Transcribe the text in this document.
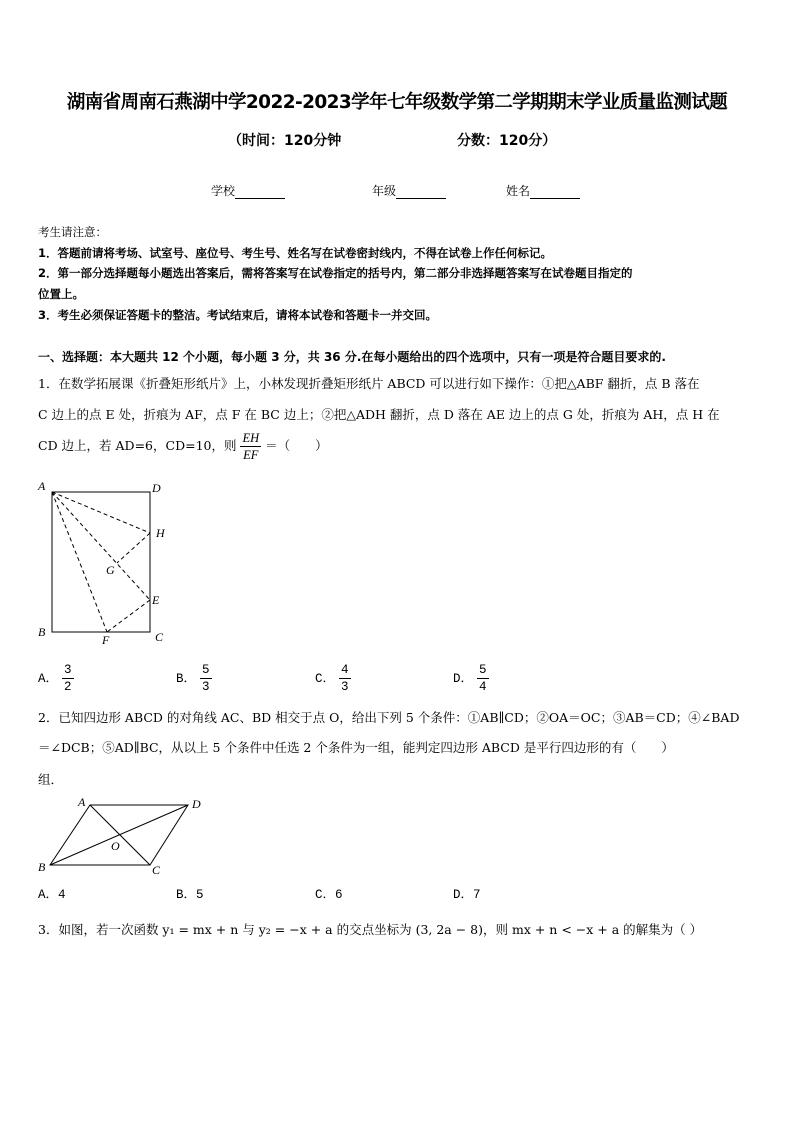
湖南省周南石燕湖中学2022-2023学年七年级数学第二学期期末学业质量监测试题
（时间：120分钟	分数：120分）
学校	年级	姓名
考生请注意：
1．答题前请将考场、试室号、座位号、考生号、姓名写在试卷密封线内，不得在试卷上作任何标记。
2．第一部分选择题每小题选出答案后，需将答案写在试卷指定的括号内，第二部分非选择题答案写在试卷题目指定的
位置上。
3．考生必须保证答题卡的整洁。考试结束后，请将本试卷和答题卡一并交回。
一、选择题：本大题共 12 个小题，每小题 3 分，共 36 分.在每小题给出的四个选项中，只有一项是符合题目要求的.
1．在数学拓展课《折叠矩形纸片》上，小林发现折叠矩形纸片 ABCD 可以进行如下操作：①把△ABF 翻折，点 B 落在
C 边上的点 E 处，折痕为 AF，点 F 在 BC 边上；②把△ADH 翻折，点 D 落在 AE 边上的点 G 处，折痕为 AH，点 H 在
CD 边上，若 AD=6，CD=10，则 $\frac{EH}{EF}$ ＝（　　）
A	D
H
G
E
B
F	C
A． $\frac{3}{2}$	B． $\frac{5}{3}$	C． $\frac{4}{3}$	D． $\frac{5}{4}$
2．已知四边形 ABCD 的对角线 AC、BD 相交于点 O，给出下列 5 个条件：①AB∥CD；②OA＝OC；③AB＝CD；④∠BAD
＝∠DCB；⑤AD∥BC，从以上 5 个条件中任选 2 个条件为一组，能判定四边形 ABCD 是平行四边形的有（　　）
组．
A	D
O
B	C
A．4	B．5	C．6	D．7
3．如图，若一次函数 y₁ = mx + n 与 y₂ = −x + a 的交点坐标为 (3, 2a − 8)，则 mx + n < −x + a 的解集为（ ）
